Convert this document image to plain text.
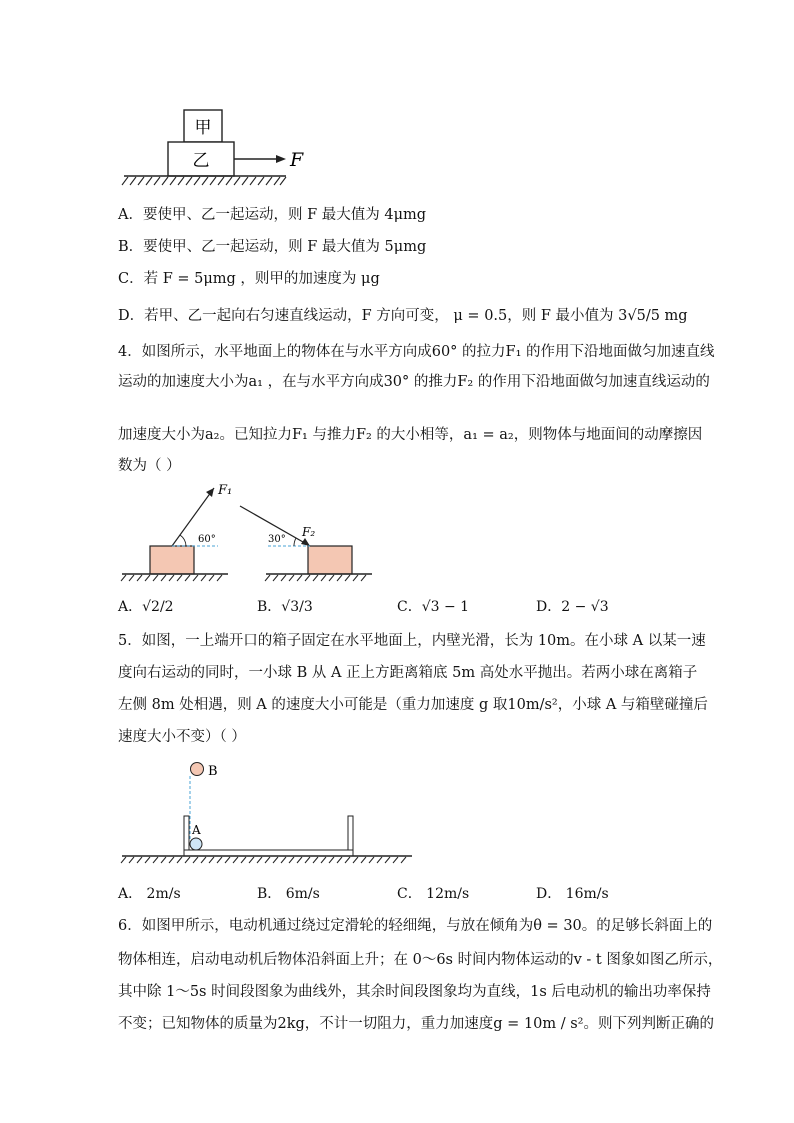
甲
乙	F
A．要使甲、乙一起运动，则 F 最大值为 4μmg
B．要使甲、乙一起运动，则 F 最大值为 5μmg
C．若 F = 5μmg ，则甲的加速度为 μg
D．若甲、乙一起向右匀速直线运动，F 方向可变， μ = 0.5，则 F 最小值为 3√5/5 mg
4．如图所示，水平地面上的物体在与水平方向成60° 的拉力F₁ 的作用下沿地面做匀加速直线
运动的加速度大小为a₁ ，在与水平方向成30° 的推力F₂ 的作用下沿地面做匀加速直线运动的
加速度大小为a₂。已知拉力F₁ 与推力F₂ 的大小相等，a₁ = a₂，则物体与地面间的动摩擦因
数为（ ）
F₁
60°
F₂
30°
A．√2/2	B．√3/3	C．√3 − 1	D．2 − √3
5．如图，一上端开口的箱子固定在水平地面上，内壁光滑，长为 10m。在小球 A 以某一速
度向右运动的同时，一小球 B 从 A 正上方距离箱底 5m 高处水平抛出。若两小球在离箱子
左侧 8m 处相遇，则 A 的速度大小可能是（重力加速度 g 取10m/s²，小球 A 与箱壁碰撞后
速度大小不变）（ ）
B
A
A． 2m/s	B． 6m/s	C． 12m/s	D． 16m/s
6．如图甲所示，电动机通过绕过定滑轮的轻细绳，与放在倾角为θ = 30。的足够长斜面上的
物体相连，启动电动机后物体沿斜面上升；在 0～6s 时间内物体运动的v - t 图象如图乙所示，
其中除 1～5s 时间段图象为曲线外，其余时间段图象均为直线，1s 后电动机的输出功率保持
不变；已知物体的质量为2kg，不计一切阻力，重力加速度g = 10m / s²。则下列判断正确的
